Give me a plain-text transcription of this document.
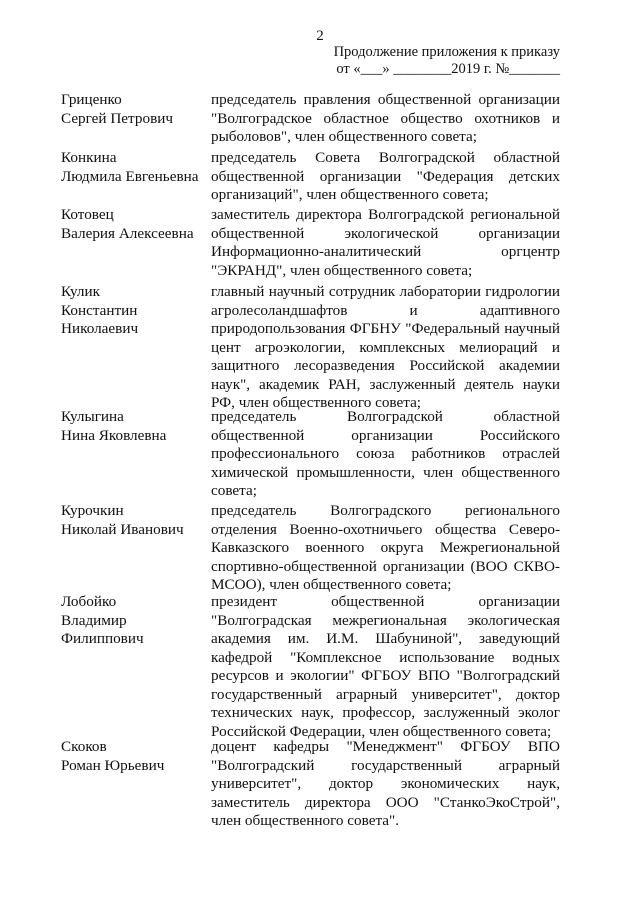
2
Продолжение приложения к приказу
от «___» ________2019 г. №_______
Гриценко
Сергей Петрович
председатель правления общественной организации "Волгоградское областное общество охотников и рыболовов", член общественного совета;
Конкина
Людмила Евгеньевна
председатель Совета Волгоградской областной общественной организации "Федерация детских организаций", член общественного совета;
Котовец
Валерия Алексеевна
заместитель директора Волгоградской региональной общественной экологической организации Информационно-аналитический оргцентр "ЭКРАНД", член общественного совета;
Кулик
Константин
Николаевич
главный научный сотрудник лаборатории гидрологии агролесоландшафтов и адаптивного природопользования ФГБНУ "Федеральный научный цент агроэкологии, комплексных мелиораций и защитного лесоразведения Российской академии наук", академик РАН, заслуженный деятель науки РФ, член общественного совета;
Кулыгина
Нина Яковлевна
председатель Волгоградской областной общественной организации Российского профессионального союза работников отраслей химической промышленности, член общественного совета;
Курочкин
Николай Иванович
председатель Волгоградского регионального отделения Военно-охотничьего общества Северо-Кавказского военного округа Межрегиональной спортивно-общественной организации (ВОО СКВО-МСОО), член общественного совета;
Лобойко
Владимир
Филиппович
президент общественной организации "Волгоградская межрегиональная экологическая академия им. И.М. Шабуниной", заведующий кафедрой "Комплексное использование водных ресурсов и экологии" ФГБОУ ВПО "Волгоградский государственный аграрный университет", доктор технических наук, профессор, заслуженный эколог Российской Федерации, член общественного совета;
Скоков
Роман Юрьевич
доцент кафедры "Менеджмент" ФГБОУ ВПО "Волгоградский государственный аграрный университет", доктор экономических наук, заместитель директора ООО "СтанкоЭкоСтрой", член общественного совета".
